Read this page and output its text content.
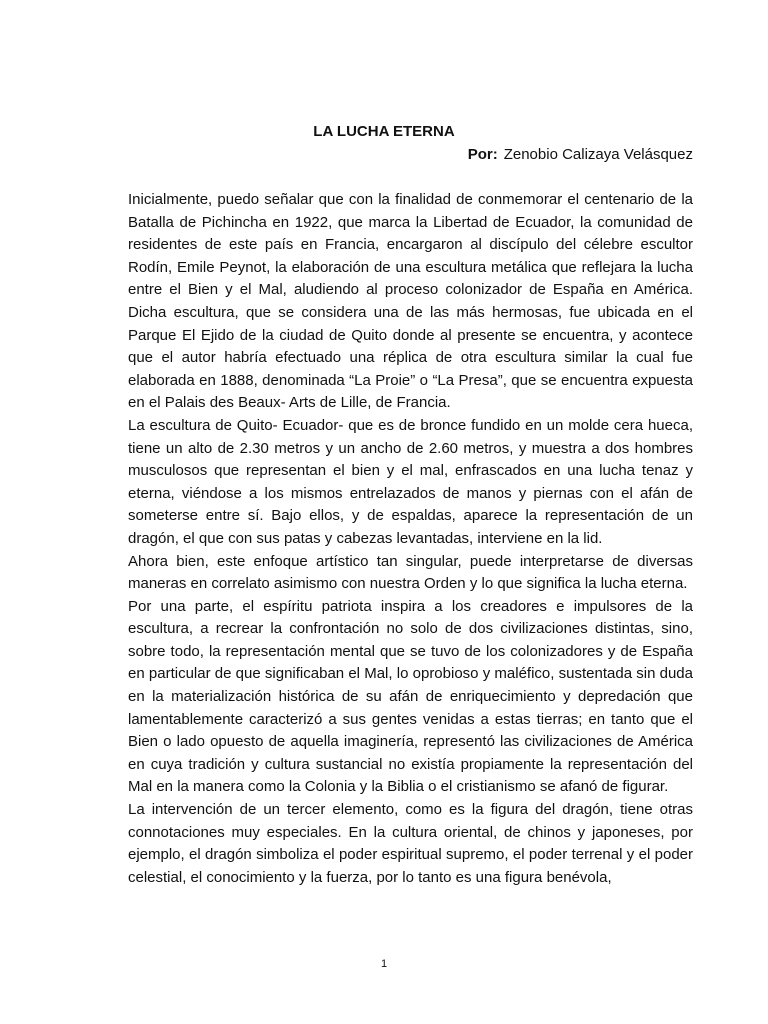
LA LUCHA ETERNA
Por: Zenobio Calizaya Velásquez

Inicialmente, puedo señalar que con la finalidad de conmemorar el centenario de la Batalla de Pichincha en 1922, que marca la Libertad de Ecuador, la comunidad de residentes de este país en Francia, encargaron al discípulo del célebre escultor Rodín, Emile Peynot, la elaboración de una escultura metálica que reflejara la lucha entre el Bien y el Mal, aludiendo al proceso colonizador de España en América. Dicha escultura, que se considera una de las más hermosas, fue ubicada en el Parque El Ejido de la ciudad de Quito donde al presente se encuentra, y acontece que el autor habría efectuado una réplica de otra escultura similar la cual fue elaborada en 1888, denominada “La Proie” o “La Presa”, que se encuentra expuesta en el Palais des Beaux- Arts de Lille, de Francia.

La escultura de Quito- Ecuador- que es de bronce fundido en un molde cera hueca, tiene un alto de 2.30 metros y un ancho de 2.60 metros, y muestra a dos hombres musculosos que representan el bien y el mal, enfrascados en una lucha tenaz y eterna, viéndose a los mismos entrelazados de manos y piernas con el afán de someterse entre sí. Bajo ellos, y de espaldas, aparece la representación de un dragón, el que con sus patas y cabezas levantadas, interviene en la lid.

Ahora bien, este enfoque artístico tan singular, puede interpretarse de diversas maneras en correlato asimismo con nuestra Orden y lo que significa la lucha eterna.

Por una parte, el espíritu patriota inspira a los creadores e impulsores de la escultura, a recrear la confrontación no solo de dos civilizaciones distintas, sino, sobre todo, la representación mental que se tuvo de los colonizadores y de España en particular de que significaban el Mal, lo oprobioso y maléfico, sustentada sin duda en la materialización histórica de su afán de enriquecimiento y depredación que lamentablemente caracterizó a sus gentes venidas a estas tierras; en tanto que el Bien o lado opuesto de aquella imaginería, representó las civilizaciones de América en cuya tradición y cultura sustancial no existía propiamente la representación del Mal en la manera como la Colonia y la Biblia o el cristianismo se afanó de figurar.

La intervención de un tercer elemento, como es la figura del dragón, tiene otras connotaciones muy especiales. En la cultura oriental, de chinos y japoneses, por ejemplo, el dragón simboliza el poder espiritual supremo, el poder terrenal y el poder celestial, el conocimiento y la fuerza, por lo tanto es una figura benévola,

1
